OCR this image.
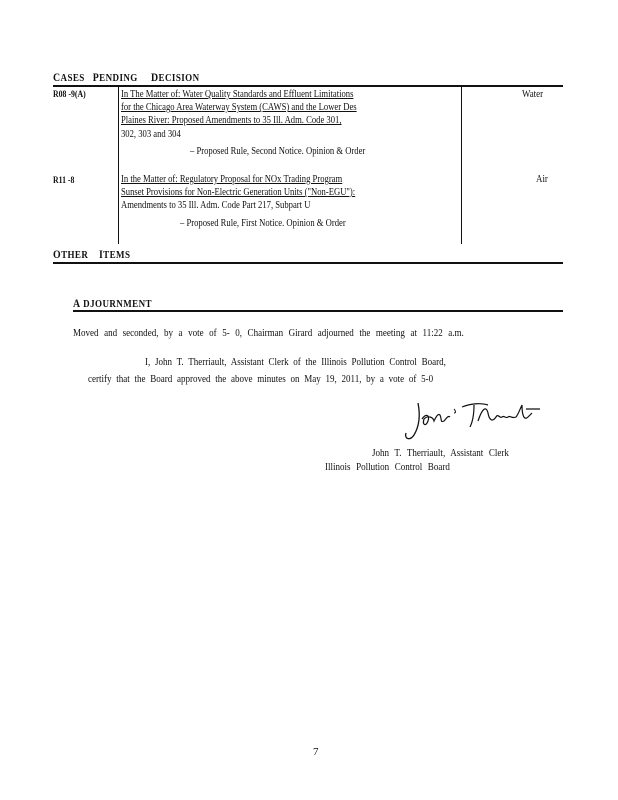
CASES PENDING DECISION
R08 -9(A)	In The Matter of: Water Quality Standards and Effluent Limitations
for the Chicago Area Waterway System (CAWS) and the Lower Des
Plaines River: Proposed Amendments to 35 Ill. Adm. Code 301,
302, 303 and 304
– Proposed Rule, Second Notice. Opinion & Order
Water
R11 -8	In the Matter of: Regulatory Proposal for NOx Trading Program
Sunset Provisions for Non-Electric Generation Units ("Non-EGU"):
Amendments to 35 Ill. Adm. Code Part 217, Subpart U
– Proposed Rule, First Notice. Opinion & Order
Air
OTHER ITEMS
A DJOURNMENT
Moved and seconded, by a vote of 5- 0, Chairman Girard adjourned the meeting at 11:22 a.m.
I, John T. Therriault, Assistant Clerk of the Illinois Pollution Control Board,
certify that the Board approved the above minutes on May 19, 2011, by a vote of 5-0
John T. Therriault, Assistant Clerk
Illinois Pollution Control Board
7
